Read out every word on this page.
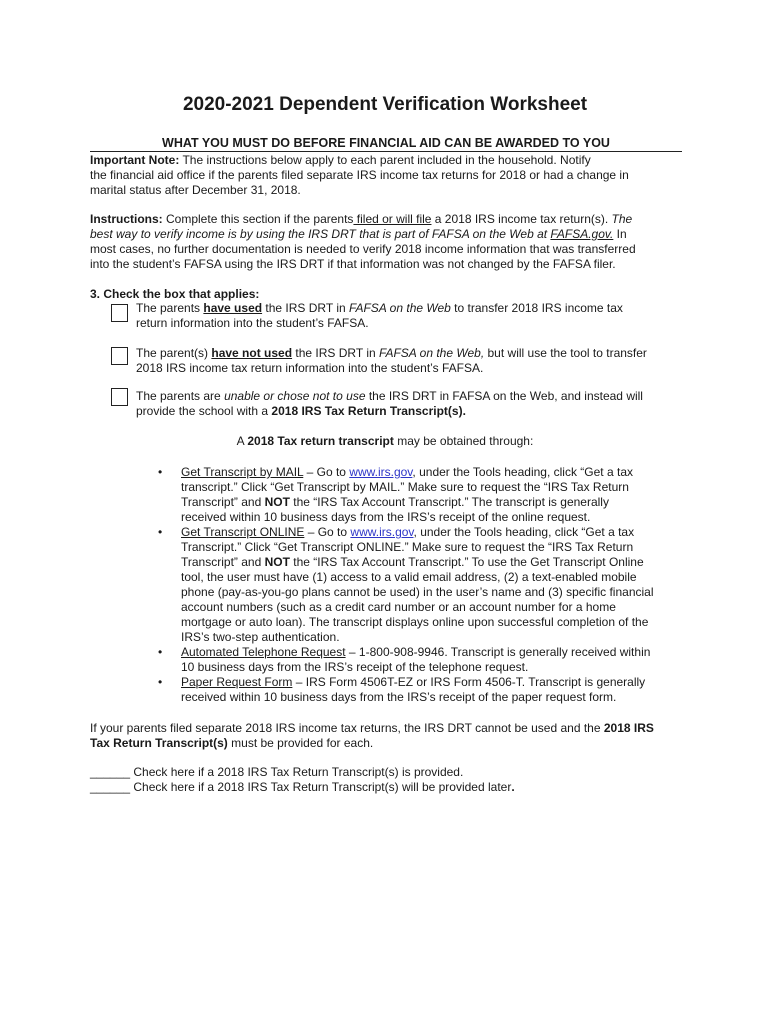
2020-2021 Dependent Verification Worksheet
WHAT YOU MUST DO BEFORE FINANCIAL AID CAN BE AWARDED TO YOU
Important Note: The instructions below apply to each parent included in the household. Notify
the financial aid office if the parents filed separate IRS income tax returns for 2018 or had a change in
marital status after December 31, 2018.
Instructions: Complete this section if the parents filed or will file a 2018 IRS income tax return(s). The
best way to verify income is by using the IRS DRT that is part of FAFSA on the Web at FAFSA.gov. In
most cases, no further documentation is needed to verify 2018 income information that was transferred
into the student’s FAFSA using the IRS DRT if that information was not changed by the FAFSA filer.
3. Check the box that applies:
The parents have used the IRS DRT in FAFSA on the Web to transfer 2018 IRS income tax
return information into the student’s FAFSA.
The parent(s) have not used the IRS DRT in FAFSA on the Web, but will use the tool to transfer
2018 IRS income tax return information into the student’s FAFSA.
The parents are unable or chose not to use the IRS DRT in FAFSA on the Web, and instead will
provide the school with a 2018 IRS Tax Return Transcript(s).
A 2018 Tax return transcript may be obtained through:
• Get Transcript by MAIL – Go to www.irs.gov, under the Tools heading, click “Get a tax
transcript.” Click “Get Transcript by MAIL.” Make sure to request the “IRS Tax Return
Transcript” and NOT the “IRS Tax Account Transcript.” The transcript is generally
received within 10 business days from the IRS’s receipt of the online request.
• Get Transcript ONLINE – Go to www.irs.gov, under the Tools heading, click “Get a tax
Transcript.” Click “Get Transcript ONLINE.” Make sure to request the “IRS Tax Return
Transcript” and NOT the “IRS Tax Account Transcript.” To use the Get Transcript Online
tool, the user must have (1) access to a valid email address, (2) a text-enabled mobile
phone (pay-as-you-go plans cannot be used) in the user’s name and (3) specific financial
account numbers (such as a credit card number or an account number for a home
mortgage or auto loan). The transcript displays online upon successful completion of the
IRS’s two-step authentication.
• Automated Telephone Request – 1-800-908-9946. Transcript is generally received within
10 business days from the IRS’s receipt of the telephone request.
• Paper Request Form – IRS Form 4506T-EZ or IRS Form 4506-T. Transcript is generally
received within 10 business days from the IRS’s receipt of the paper request form.
If your parents filed separate 2018 IRS income tax returns, the IRS DRT cannot be used and the 2018 IRS
Tax Return Transcript(s) must be provided for each.
______ Check here if a 2018 IRS Tax Return Transcript(s) is provided.
______ Check here if a 2018 IRS Tax Return Transcript(s) will be provided later.
